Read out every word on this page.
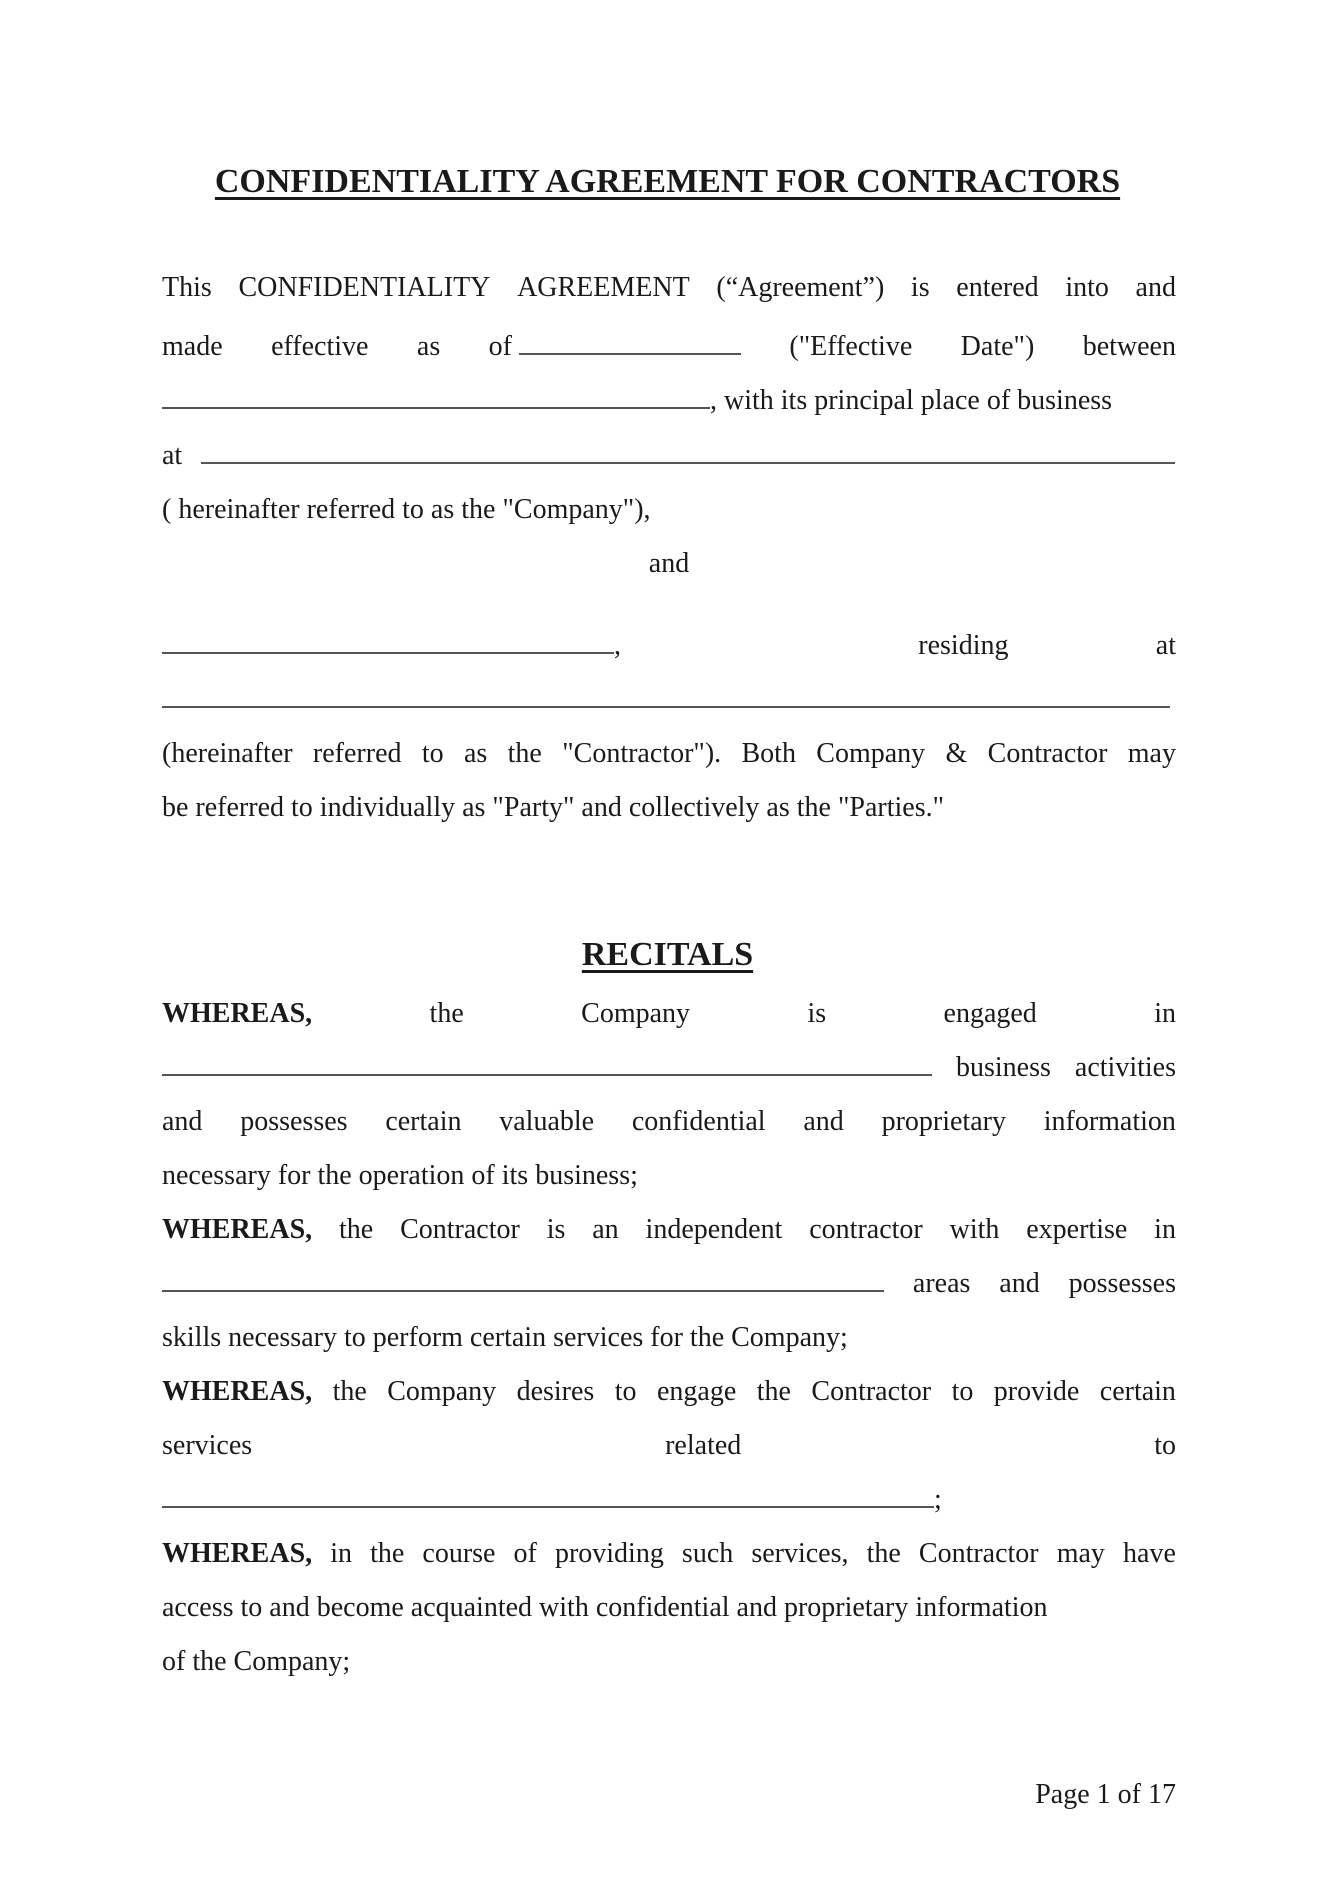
CONFIDENTIALITY AGREEMENT FOR CONTRACTORS
This CONFIDENTIALITY AGREEMENT (“Agreement”) is entered into and
made effective as of	("Effective Date") between
, with its principal place of business
at
( hereinafter referred to as the "Company"),
and
,	residing	at
(hereinafter referred to as the "Contractor"). Both Company & Contractor may
be referred to individually as "Party" and collectively as the "Parties."
RECITALS
WHEREAS,	the	Company	is	engaged	in
business activities
and possesses certain valuable confidential and proprietary information
necessary for the operation of its business;
WHEREAS, the Contractor is an independent contractor with expertise in
areas and possesses
skills necessary to perform certain services for the Company;
WHEREAS, the Company desires to engage the Contractor to provide certain
services	related	to
;
WHEREAS, in the course of providing such services, the Contractor may have
access to and become acquainted with confidential and proprietary information
of the Company;
Page 1 of 17
